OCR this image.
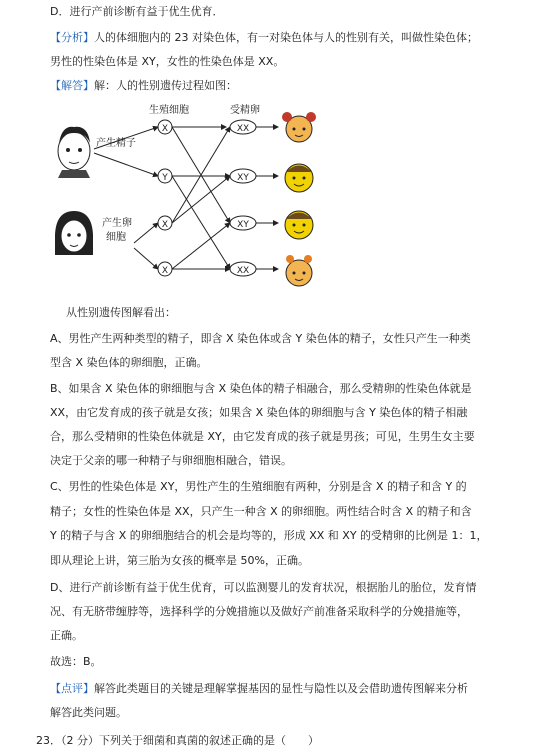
D．进行产前诊断有益于优生优育．
【分析】人的体细胞内的 23 对染色体，有一对染色体与人的性别有关，叫做性染色体；
男性的性染色体是 XY，女性的性染色体是 XX。
【解答】解：人的性别遗传过程如图：
生殖细胞	受精卵
产生精子
产生卵
细胞
X
Y
X
X
XX
XY
XY
XX
从性别遗传图解看出：
A、男性产生两种类型的精子，即含 X 染色体或含 Y 染色体的精子，女性只产生一种类
型含 X 染色体的卵细胞，正确。
B、如果含 X 染色体的卵细胞与含 X 染色体的精子相融合，那么受精卵的性染色体就是
XX，由它发育成的孩子就是女孩；如果含 X 染色体的卵细胞与含 Y 染色体的精子相融
合，那么受精卵的性染色体就是 XY，由它发育成的孩子就是男孩；可见，生男生女主要
决定于父亲的哪一种精子与卵细胞相融合，错误。
C、男性的性染色体是 XY，男性产生的生殖细胞有两种，分别是含 X 的精子和含 Y 的
精子；女性的性染色体是 XX，只产生一种含 X 的卵细胞。两性结合时含 X 的精子和含
Y 的精子与含 X 的卵细胞结合的机会是均等的，形成 XX 和 XY 的受精卵的比例是 1：1，
即从理论上讲，第三胎为女孩的概率是 50%，正确。
D、进行产前诊断有益于优生优育，可以监测婴儿的发育状况，根据胎儿的胎位，发育情
况、有无脐带缠脖等，选择科学的分娩措施以及做好产前准备采取科学的分娩措施等，
正确。
故选：B。
【点评】解答此类题目的关键是理解掌握基因的显性与隐性以及会借助遗传图解来分析
解答此类问题。
23．（2 分）下列关于细菌和真菌的叙述正确的是（　　）
